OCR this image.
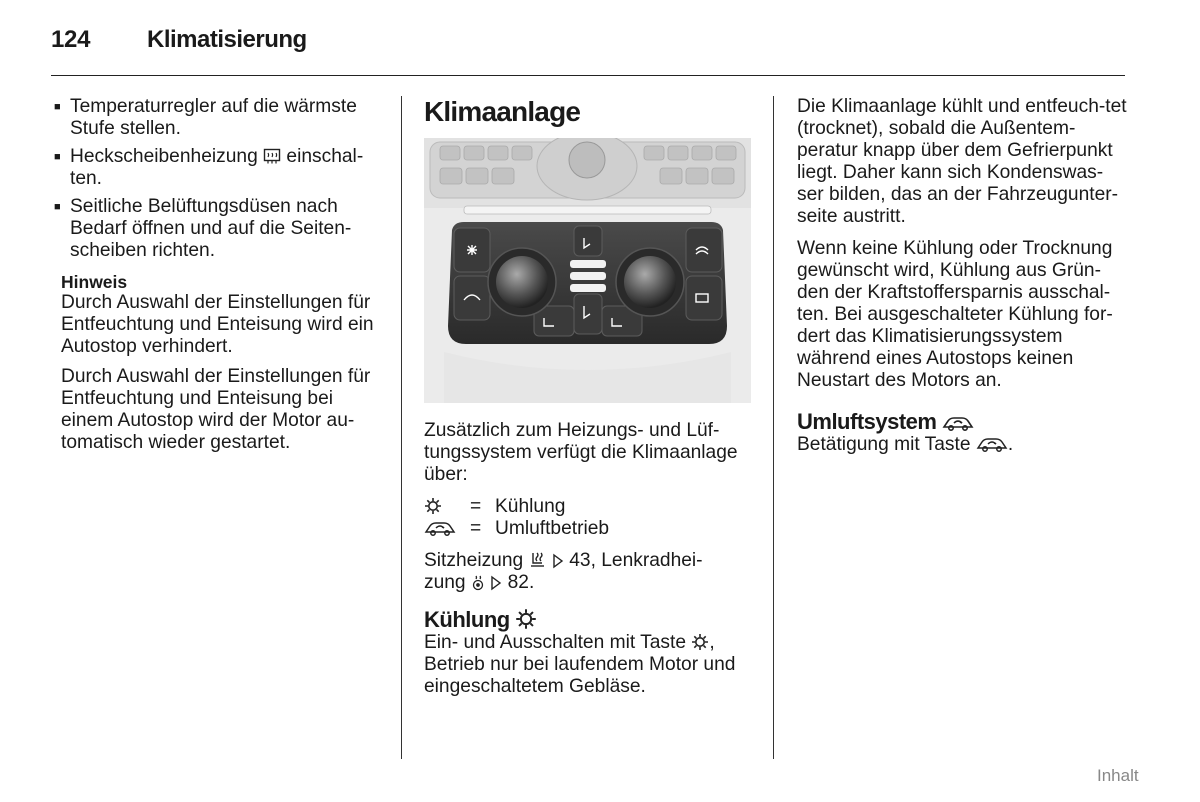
124	Klimatisierung
■ Temperaturregler auf die wärmste Stufe stellen.
■ Heckscheibenheizung einschal-ten.
■ Seitliche Belüftungsdüsen nach Bedarf öffnen und auf die Seiten-scheiben richten.
Hinweis

Durch Auswahl der Einstellungen für Entfeuchtung und Enteisung wird ein Autostop verhindert.

Durch Auswahl der Einstellungen für Entfeuchtung und Enteisung bei einem Autostop wird der Motor au-tomatisch wieder gestartet.

Klimaanlage

Zusätzlich zum Heizungs- und Lüf-tungssystem verfügt die Klimaanlage über:

= Kühlung
= Umluftbetrieb

Sitzheizung 43, Lenkradhei-
zung 82.

Kühlung

Ein- und Ausschalten mit Taste , Betrieb nur bei laufendem Motor und eingeschaltetem Gebläse.

Die Klimaanlage kühlt und entfeuch-tet (trocknet), sobald die Außentem-peratur knapp über dem Gefrierpunkt liegt. Daher kann sich Kondenswas-ser bilden, das an der Fahrzeugunter-seite austritt.

Wenn keine Kühlung oder Trocknung gewünscht wird, Kühlung aus Grün-den der Kraftstoffersparnis ausschal-ten. Bei ausgeschalteter Kühlung for-dert das Klimatisierungssystem während eines Autostops keinen Neustart des Motors an.

Umluftsystem

Betätigung mit Taste .

Inhalt
